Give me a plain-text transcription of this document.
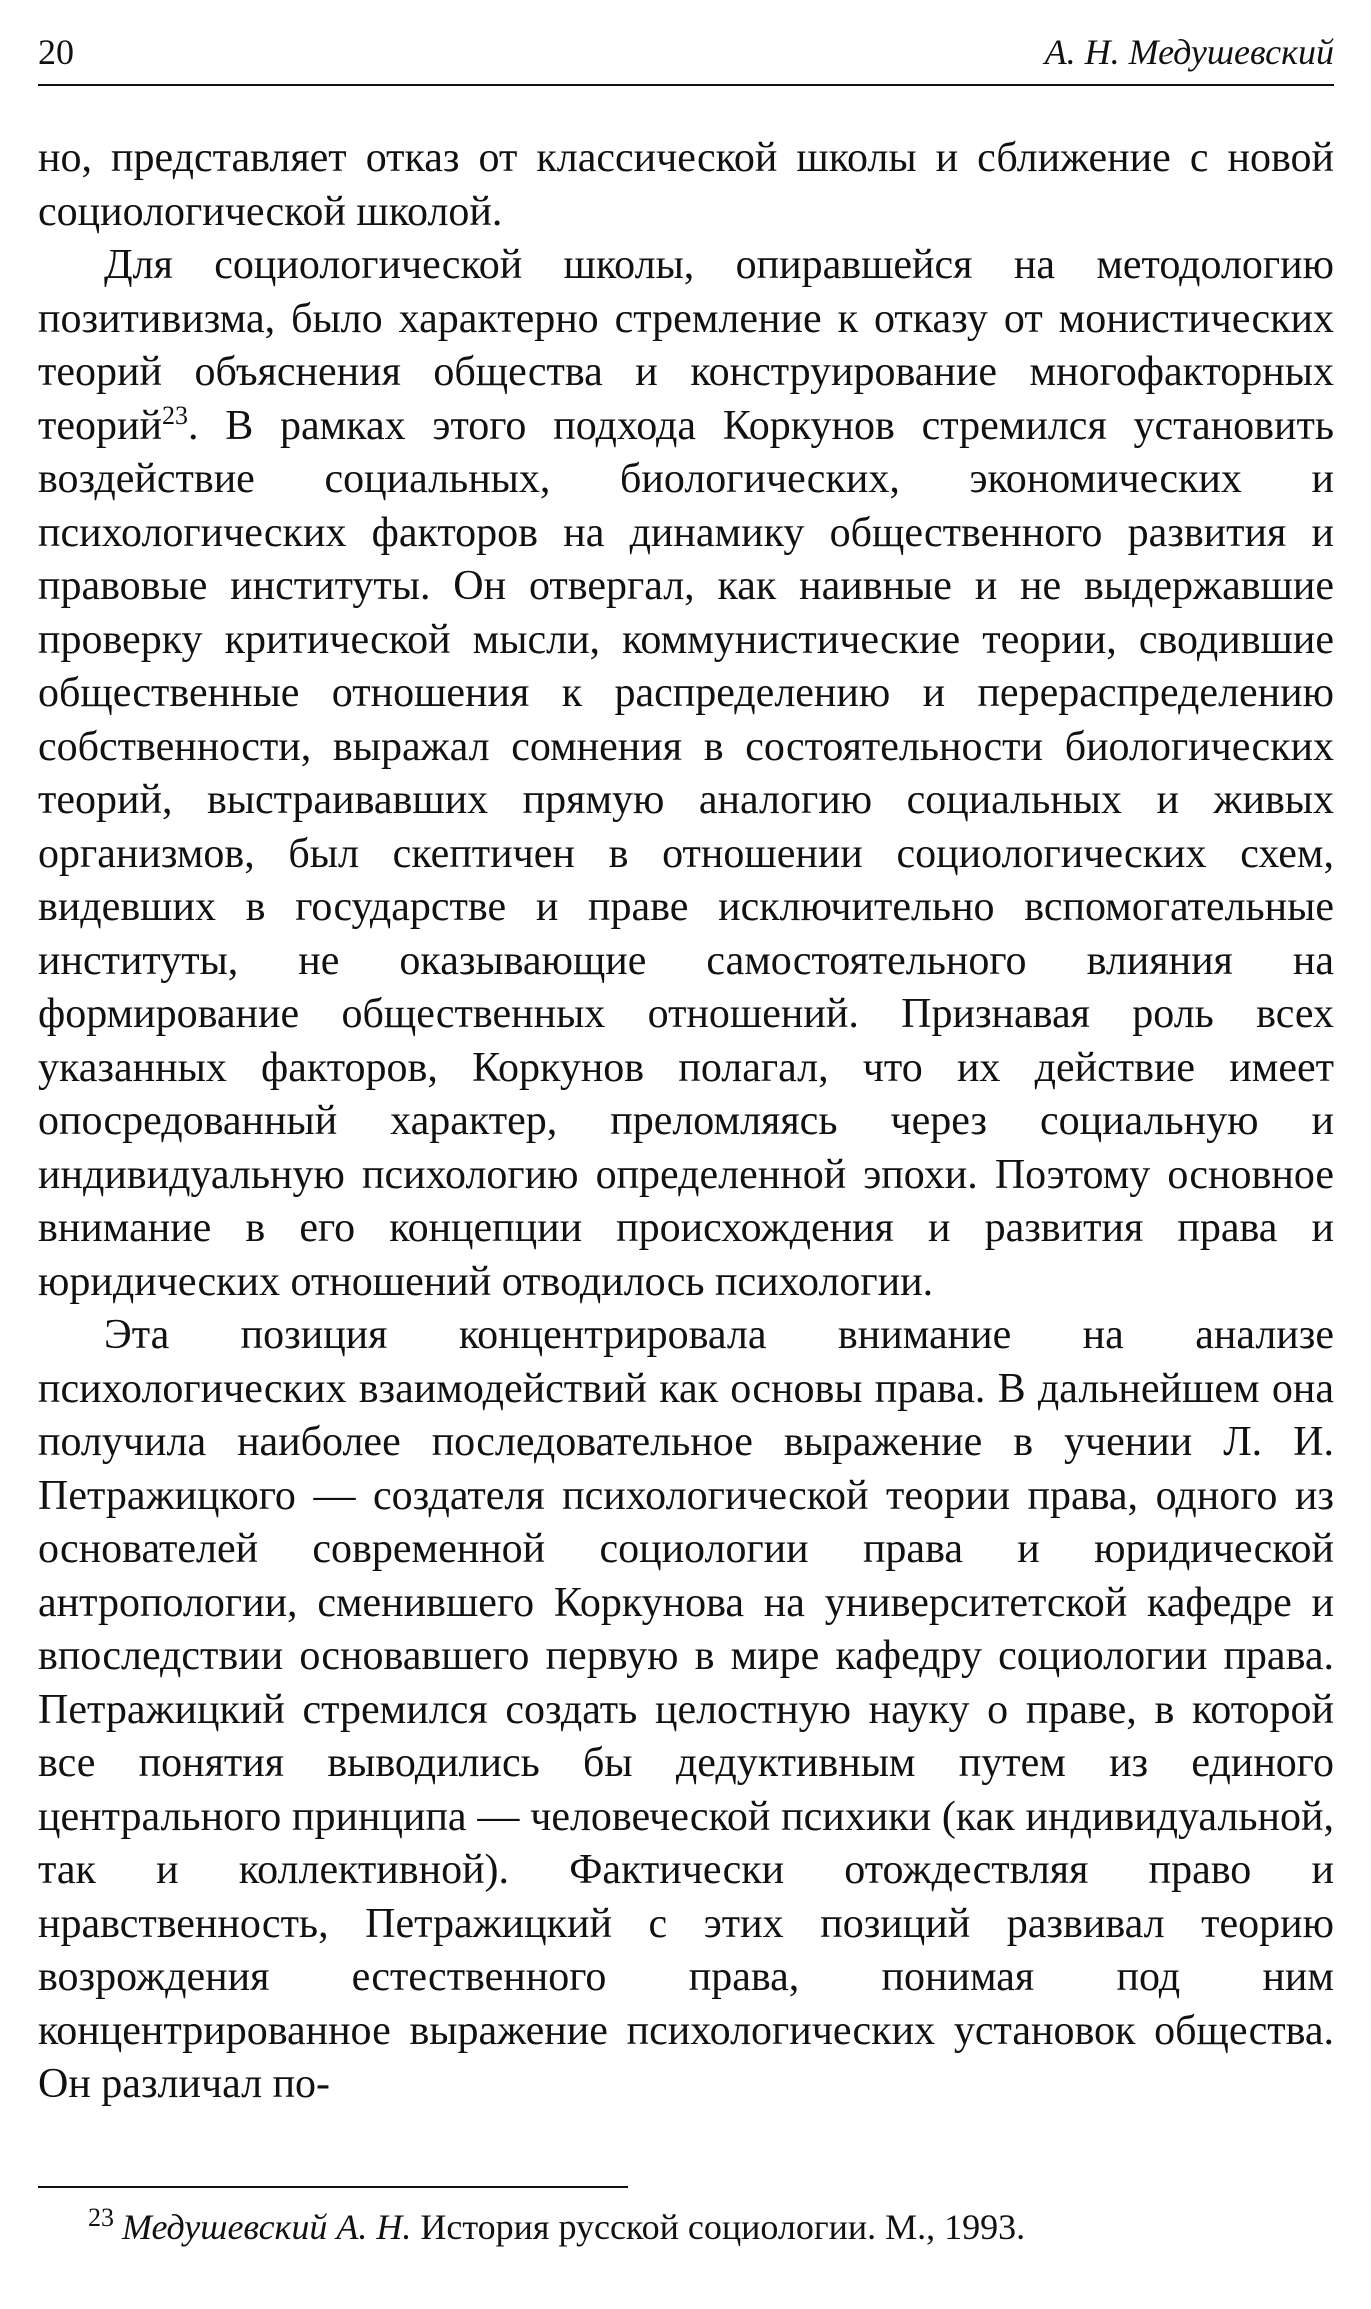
20	А. Н. Медушевский

но, представляет отказ от классической школы и сближение с новой социологической школой.

Для социологической школы, опиравшейся на методологию позитивизма, было характерно стремление к отказу от монистических теорий объяснения общества и конструирование многофакторных теорий$^{23}$. В рамках этого подхода Коркунов стремился установить воздействие социальных, биологических, экономических и психологических факторов на динамику общественного развития и правовые институты. Он отвергал, как наивные и не выдержавшие проверку критической мысли, коммунистические теории, сводившие общественные отношения к распределению и перераспределению собственности, выражал сомнения в состоятельности биологических теорий, выстраивавших прямую аналогию социальных и живых организмов, был скептичен в отношении социологических схем, видевших в государстве и праве исключительно вспомогательные институты, не оказывающие самостоятельного влияния на формирование общественных отношений. Признавая роль всех указанных факторов, Коркунов полагал, что их действие имеет опосредованный характер, преломляясь через социальную и индивидуальную психологию определенной эпохи. Поэтому основное внимание в его концепции происхождения и развития права и юридических отношений отводилось психологии.

Эта позиция концентрировала внимание на анализе психологических взаимодействий как основы права. В дальнейшем она получила наиболее последовательное выражение в учении Л. И. Петражицкого — создателя психологической теории права, одного из основателей современной социологии права и юридической антропологии, сменившего Коркунова на университетской кафедре и впоследствии основавшего первую в мире кафедру социологии права. Петражицкий стремился создать целостную науку о праве, в которой все понятия выводились бы дедуктивным путем из единого центрального принципа — человеческой психики (как индивидуальной, так и коллективной). Фактически отождествляя право и нравственность, Петражицкий с этих позиций развивал теорию возрождения естественного права, понимая под ним концентрированное выражение психологических установок общества. Он различал по-

$^{23}$ Медушевский А. Н. История русской социологии. М., 1993.
